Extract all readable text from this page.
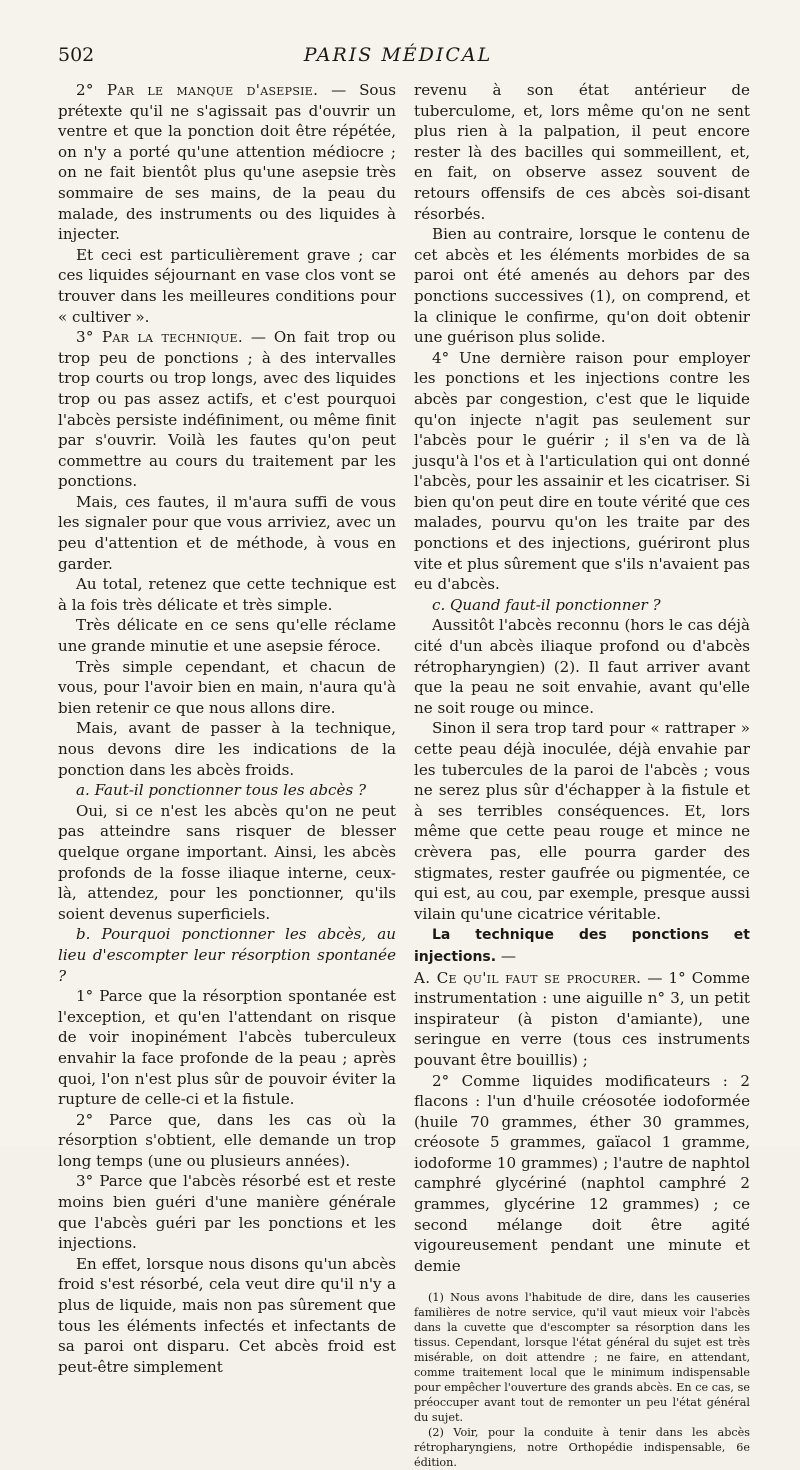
502	PARIS MÉDICAL

2° Par le manque d'asepsie. — Sous prétexte qu'il ne s'agissait pas d'ouvrir un ventre et que la ponction doit être répétée, on n'y a porté qu'une attention médiocre ; on ne fait bientôt plus qu'une asepsie très sommaire de ses mains, de la peau du malade, des instruments ou des liquides à injecter.

Et ceci est particulièrement grave ; car ces liquides séjournant en vase clos vont se trouver dans les meilleures conditions pour « cultiver ».

3° Par la technique. — On fait trop ou trop peu de ponctions ; à des intervalles trop courts ou trop longs, avec des liquides trop ou pas assez actifs, et c'est pourquoi l'abcès persiste indéfiniment, ou même finit par s'ouvrir. Voilà les fautes qu'on peut commettre au cours du traitement par les ponctions.

Mais, ces fautes, il m'aura suffi de vous les signaler pour que vous arriviez, avec un peu d'attention et de méthode, à vous en garder.

Au total, retenez que cette technique est à la fois très délicate et très simple.

Très délicate en ce sens qu'elle réclame une grande minutie et une asepsie féroce.

Très simple cependant, et chacun de vous, pour l'avoir bien en main, n'aura qu'à bien retenir ce que nous allons dire.

Mais, avant de passer à la technique, nous devons dire les indications de la ponction dans les abcès froids.

a. Faut-il ponctionner tous les abcès ?

Oui, si ce n'est les abcès qu'on ne peut pas atteindre sans risquer de blesser quelque organe important. Ainsi, les abcès profonds de la fosse iliaque interne, ceux-là, attendez, pour les ponctionner, qu'ils soient devenus superficiels.

b. Pourquoi ponctionner les abcès, au lieu d'escompter leur résorption spontanée ?

1° Parce que la résorption spontanée est l'exception, et qu'en l'attendant on risque de voir inopinément l'abcès tuberculeux envahir la face profonde de la peau ; après quoi, l'on n'est plus sûr de pouvoir éviter la rupture de celle-ci et la fistule.

2° Parce que, dans les cas où la résorption s'obtient, elle demande un trop long temps (une ou plusieurs années).

3° Parce que l'abcès résorbé est et reste moins bien guéri d'une manière générale que l'abcès guéri par les ponctions et les injections.

En effet, lorsque nous disons qu'un abcès froid s'est résorbé, cela veut dire qu'il n'y a plus de liquide, mais non pas sûrement que tous les éléments infectés et infectants de sa paroi ont disparu. Cet abcès froid est peut-être simplement

revenu à son état antérieur de tuberculome, et, lors même qu'on ne sent plus rien à la palpation, il peut encore rester là des bacilles qui sommeillent, et, en fait, on observe assez souvent de retours offensifs de ces abcès soi-disant résorbés.

Bien au contraire, lorsque le contenu de cet abcès et les éléments morbides de sa paroi ont été amenés au dehors par des ponctions successives (1), on comprend, et la clinique le confirme, qu'on doit obtenir une guérison plus solide.

4° Une dernière raison pour employer les ponctions et les injections contre les abcès par congestion, c'est que le liquide qu'on injecte n'agit pas seulement sur l'abcès pour le guérir ; il s'en va de là jusqu'à l'os et à l'articulation qui ont donné l'abcès, pour les assainir et les cicatriser. Si bien qu'on peut dire en toute vérité que ces malades, pourvu qu'on les traite par des ponctions et des injections, guériront plus vite et plus sûrement que s'ils n'avaient pas eu d'abcès.

c. Quand faut-il ponctionner ?

Aussitôt l'abcès reconnu (hors le cas déjà cité d'un abcès iliaque profond ou d'abcès rétropharyngien) (2). Il faut arriver avant que la peau ne soit envahie, avant qu'elle ne soit rouge ou mince.

Sinon il sera trop tard pour « rattraper » cette peau déjà inoculée, déjà envahie par les tubercules de la paroi de l'abcès ; vous ne serez plus sûr d'échapper à la fistule et à ses terribles conséquences. Et, lors même que cette peau rouge et mince ne crèvera pas, elle pourra garder des stigmates, rester gaufrée ou pigmentée, ce qui est, au cou, par exemple, presque aussi vilain qu'une cicatrice véritable.

La technique des ponctions et injections. —

A. Ce qu'il faut se procurer. — 1° Comme instrumentation : une aiguille n° 3, un petit inspirateur (à piston d'amiante), une seringue en verre (tous ces instruments pouvant être bouillis) ;

2° Comme liquides modificateurs : 2 flacons : l'un d'huile créosotée iodoformée (huile 70 grammes, éther 30 grammes, créosote 5 grammes, gaïacol 1 gramme, iodoforme 10 grammes) ; l'autre de naphtol camphré glycériné (naphtol camphré 2 grammes, glycérine 12 grammes) ; ce second mélange doit être agité vigoureusement pendant une minute et demie

(1) Nous avons l'habitude de dire, dans les causeries familières de notre service, qu'il vaut mieux voir l'abcès dans la cuvette que d'escompter sa résorption dans les tissus. Cependant, lorsque l'état général du sujet est très misérable, on doit attendre ; ne faire, en attendant, comme traitement local que le minimum indispensable pour empêcher l'ouverture des grands abcès. En ce cas, se préoccuper avant tout de remonter un peu l'état général du sujet.

(2) Voir, pour la conduite à tenir dans les abcès rétropharyngiens, notre Orthopédie indispensable, 6e édition.
